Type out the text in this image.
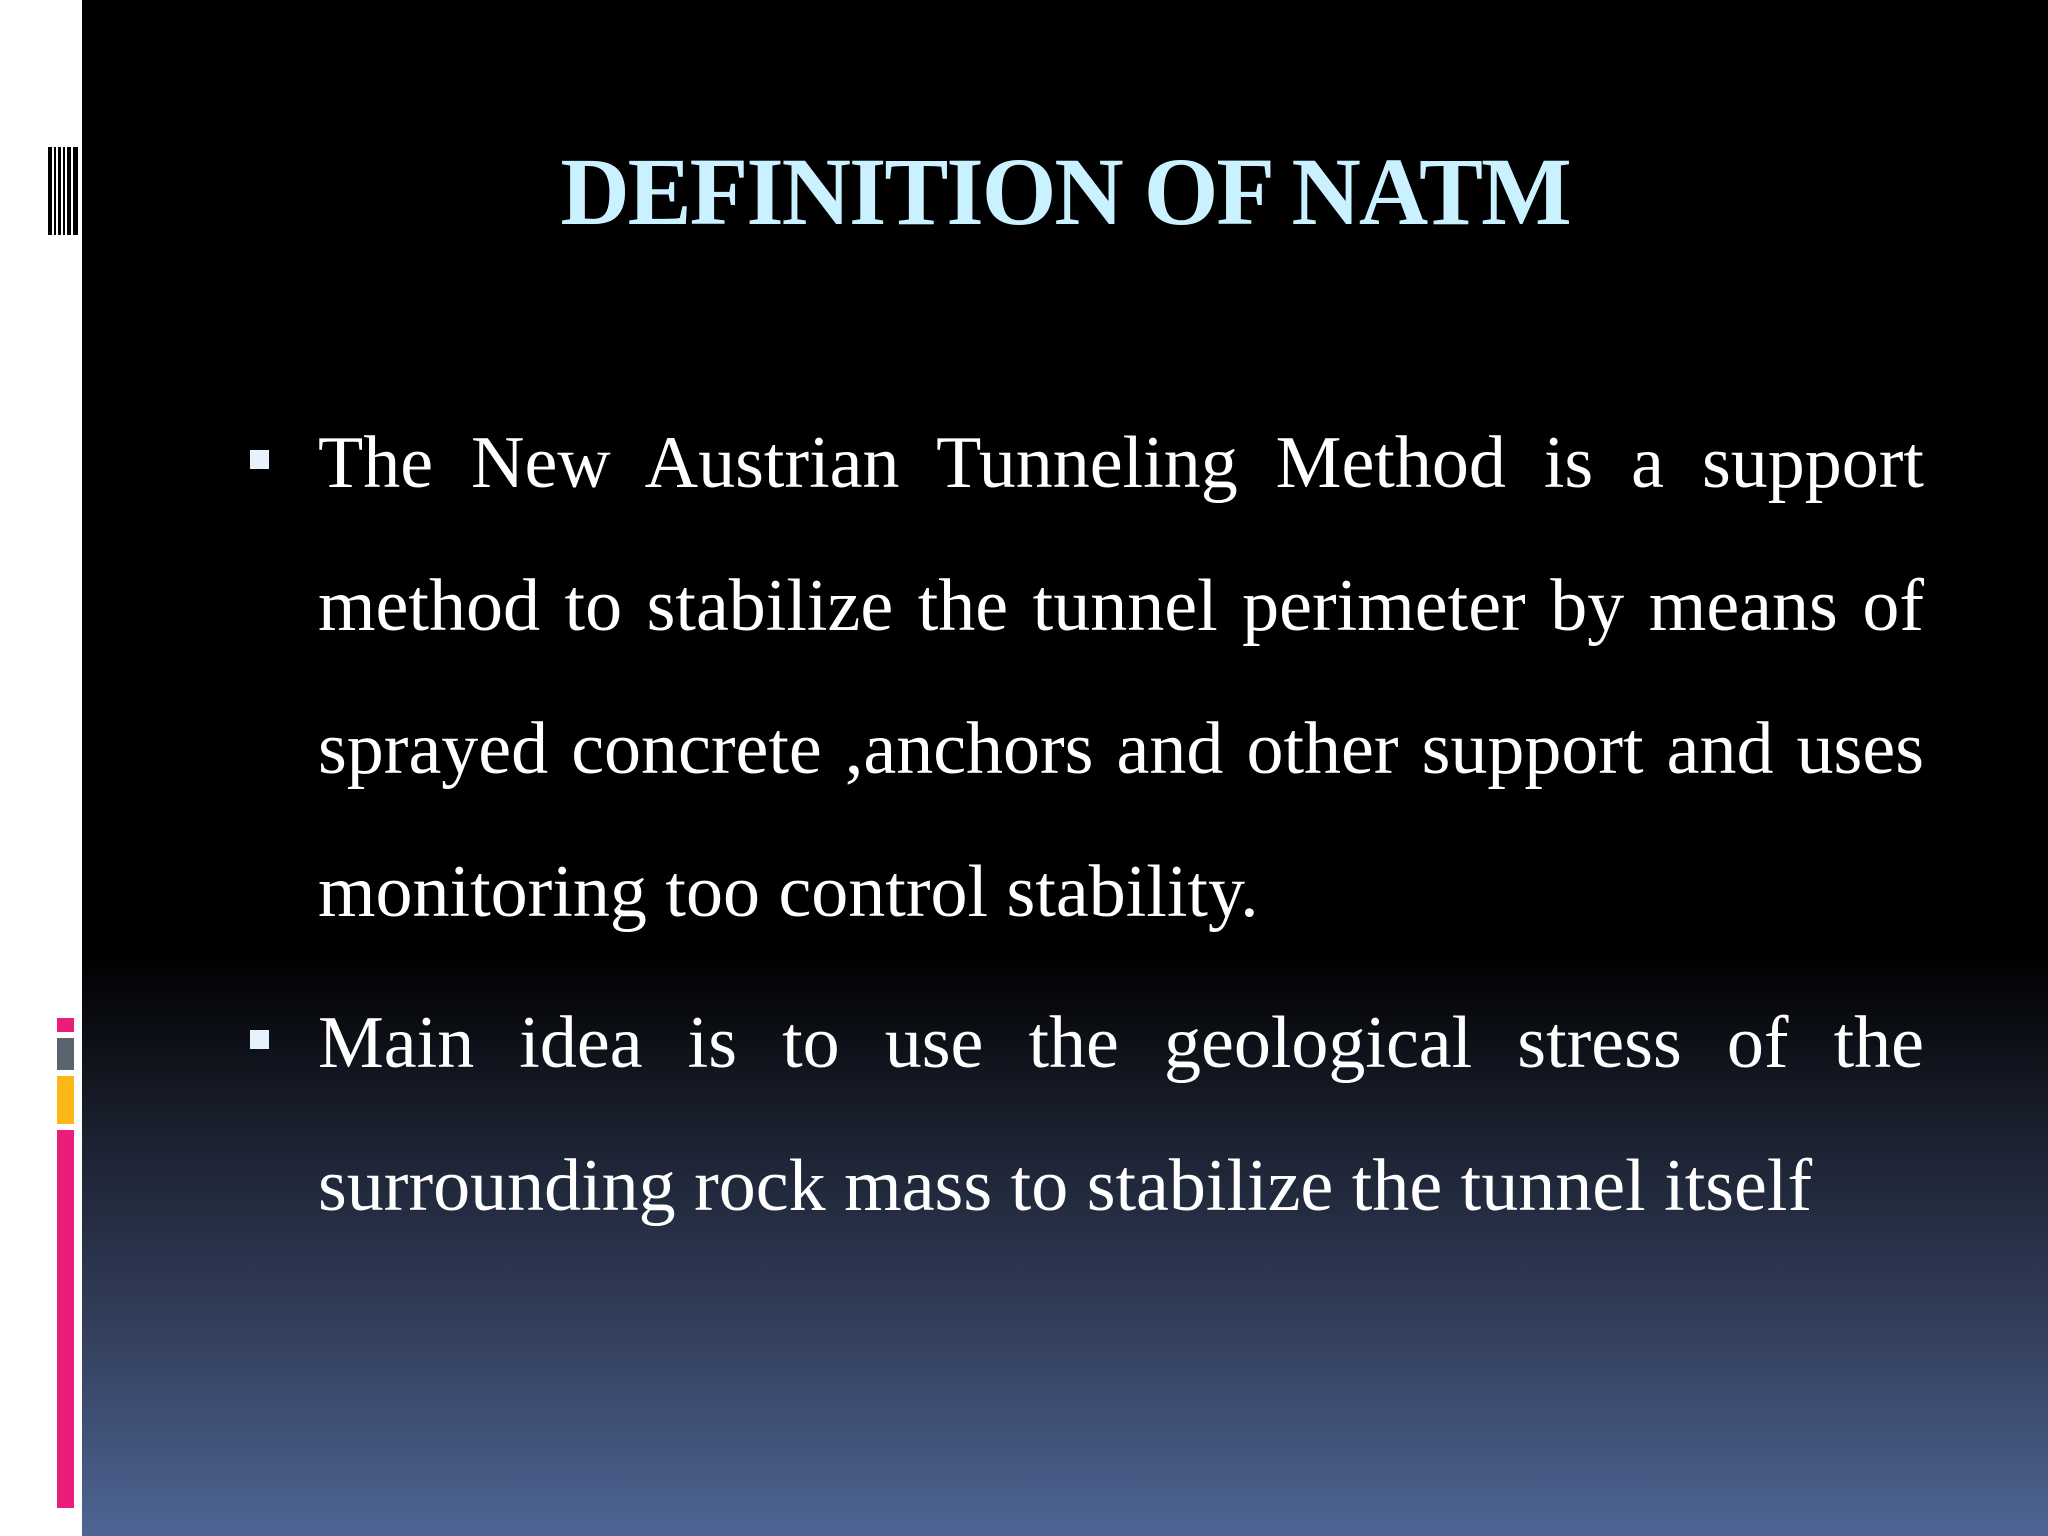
DEFINITION OF NATM
The New Austrian Tunneling Method is a support method to stabilize the tunnel perimeter by means of sprayed concrete ,anchors and other support and uses monitoring too control stability.
Main idea is to use the geological stress of the surrounding rock mass to stabilize the tunnel itself
